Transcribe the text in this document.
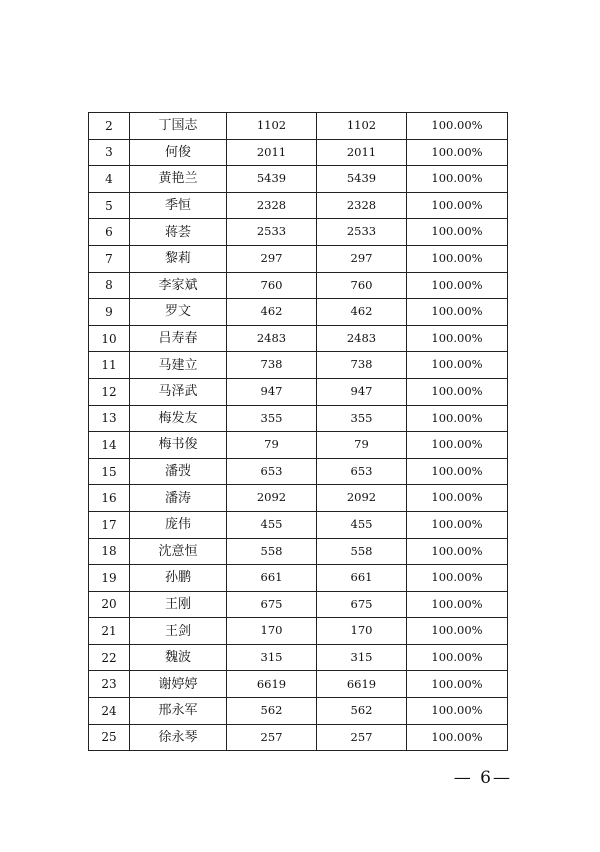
2	丁国志	1102	1102	100.00%
3	何俊	2011	2011	100.00%
4	黄艳兰	5439	5439	100.00%
5	季恒	2328	2328	100.00%
6	蒋荟	2533	2533	100.00%
7	黎莉	297	297	100.00%
8	李家斌	760	760	100.00%
9	罗文	462	462	100.00%
10	吕寿春	2483	2483	100.00%
11	马建立	738	738	100.00%
12	马泽武	947	947	100.00%
13	梅发友	355	355	100.00%
14	梅书俊	79	79	100.00%
15	潘弢	653	653	100.00%
16	潘涛	2092	2092	100.00%
17	庞伟	455	455	100.00%
18	沈意恒	558	558	100.00%
19	孙鹏	661	661	100.00%
20	王刚	675	675	100.00%
21	王剑	170	170	100.00%
22	魏波	315	315	100.00%
23	谢婷婷	6619	6619	100.00%
24	邢永军	562	562	100.00%
25	徐永琴	257	257	100.00%
— 6—
